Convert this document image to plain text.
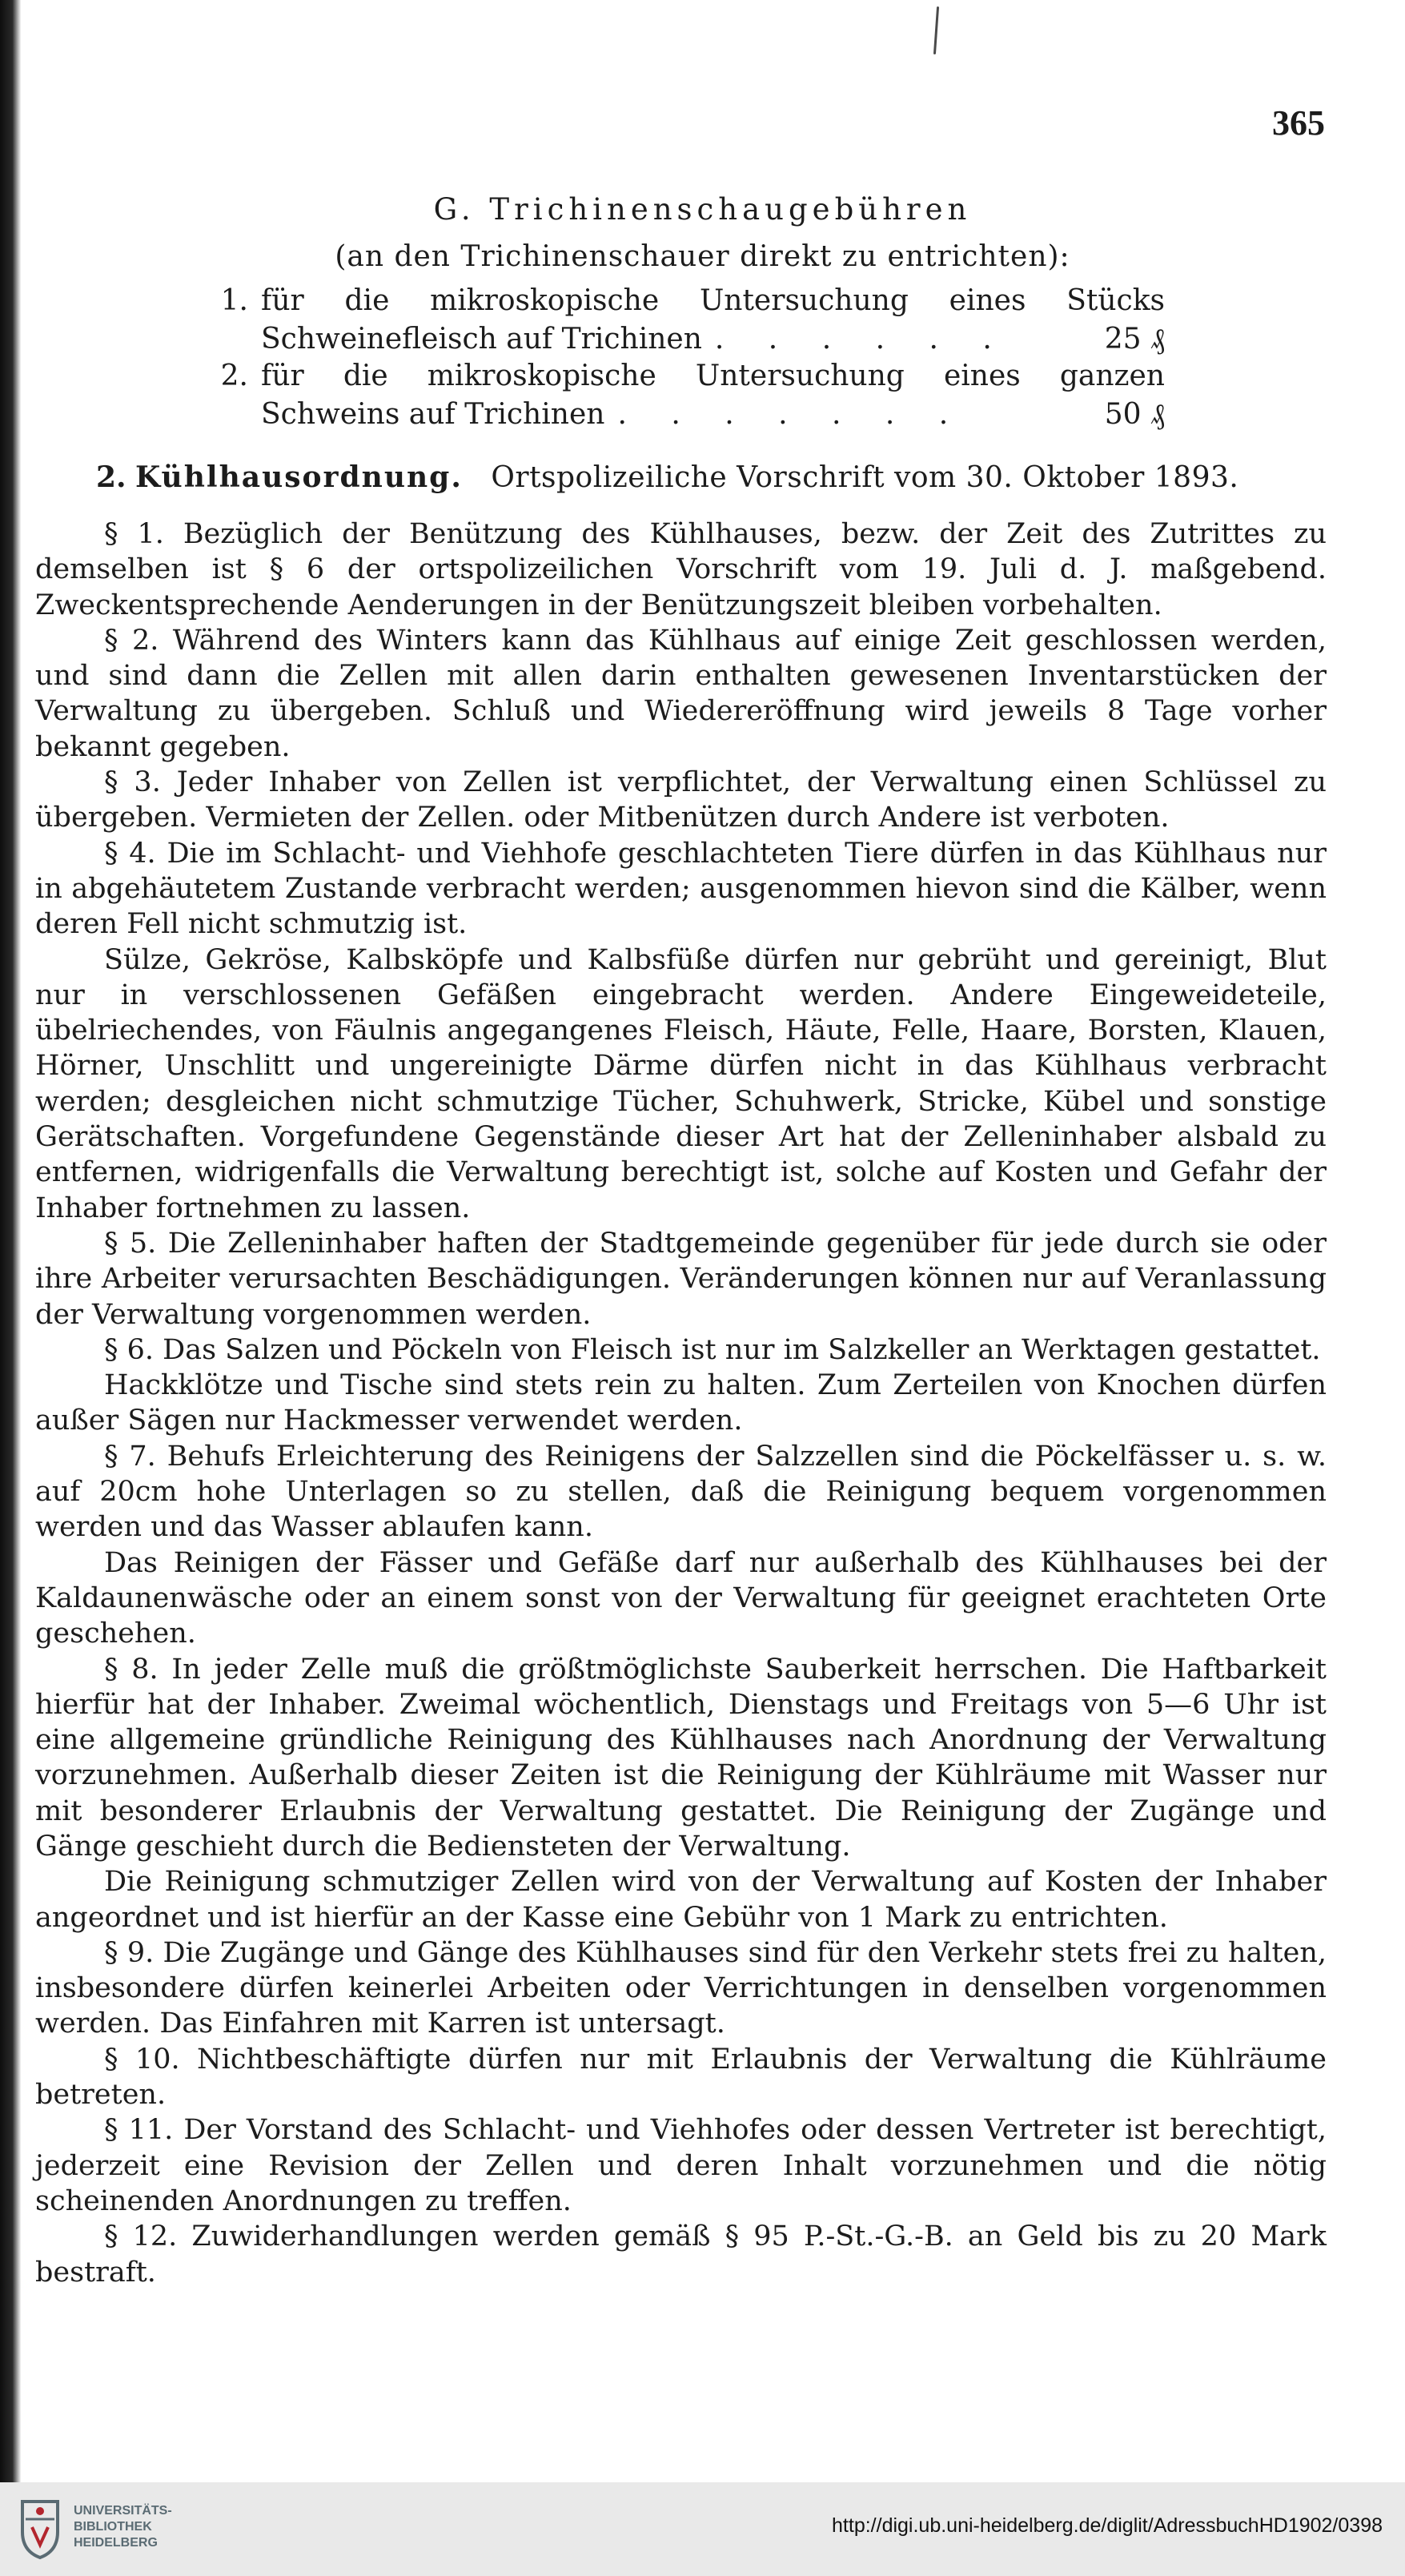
365
G. Trichinenschaugebühren
(an den Trichinenschauer direkt zu entrichten):
1. für die mikroskopische Untersuchung eines Stücks
Schweinefleisch auf Trichinen . . . . . .	25 ₰
2. für die mikroskopische Untersuchung eines ganzen
Schweins auf Trichinen . . . . . . .	50 ₰
2. Kühlhausordnung. Ortspolizeiliche Vorschrift vom 30. Oktober 1893.

§ 1. Bezüglich der Benützung des Kühlhauses, bezw. der Zeit des Zutrittes zu demselben ist § 6 der ortspolizeilichen Vorschrift vom 19. Juli d. J. maßgebend. Zweckentsprechende Aenderungen in der Benützungszeit bleiben vorbehalten.

§ 2. Während des Winters kann das Kühlhaus auf einige Zeit geschlossen werden, und sind dann die Zellen mit allen darin enthalten gewesenen Inventarstücken der Verwaltung zu übergeben. Schluß und Wiedereröffnung wird jeweils 8 Tage vorher bekannt gegeben.

§ 3. Jeder Inhaber von Zellen ist verpflichtet, der Verwaltung einen Schlüssel zu übergeben. Vermieten der Zellen. oder Mitbenützen durch Andere ist verboten.

§ 4. Die im Schlacht- und Viehhofe geschlachteten Tiere dürfen in das Kühlhaus nur in abgehäutetem Zustande verbracht werden; ausgenommen hievon sind die Kälber, wenn deren Fell nicht schmutzig ist.

Sülze, Gekröse, Kalbsköpfe und Kalbsfüße dürfen nur gebrüht und gereinigt, Blut nur in verschlossenen Gefäßen eingebracht werden. Andere Eingeweideteile, übelriechendes, von Fäulnis angegangenes Fleisch, Häute, Felle, Haare, Borsten, Klauen, Hörner, Unschlitt und ungereinigte Därme dürfen nicht in das Kühlhaus verbracht werden; desgleichen nicht schmutzige Tücher, Schuhwerk, Stricke, Kübel und sonstige Gerätschaften. Vorgefundene Gegenstände dieser Art hat der Zelleninhaber alsbald zu entfernen, widrigenfalls die Verwaltung berechtigt ist, solche auf Kosten und Gefahr der Inhaber fortnehmen zu lassen.

§ 5. Die Zelleninhaber haften der Stadtgemeinde gegenüber für jede durch sie oder ihre Arbeiter verursachten Beschädigungen. Veränderungen können nur auf Veranlassung der Verwaltung vorgenommen werden.

§ 6. Das Salzen und Pöckeln von Fleisch ist nur im Salzkeller an Werktagen gestattet.

Hackklötze und Tische sind stets rein zu halten. Zum Zerteilen von Knochen dürfen außer Sägen nur Hackmesser verwendet werden.

§ 7. Behufs Erleichterung des Reinigens der Salzzellen sind die Pöckelfässer u. s. w. auf 20cm hohe Unterlagen so zu stellen, daß die Reinigung bequem vorgenommen werden und das Wasser ablaufen kann.

Das Reinigen der Fässer und Gefäße darf nur außerhalb des Kühlhauses bei der Kaldaunenwäsche oder an einem sonst von der Verwaltung für geeignet erachteten Orte geschehen.

§ 8. In jeder Zelle muß die größtmöglichste Sauberkeit herrschen. Die Haftbarkeit hierfür hat der Inhaber. Zweimal wöchentlich, Dienstags und Freitags von 5—6 Uhr ist eine allgemeine gründliche Reinigung des Kühlhauses nach Anordnung der Verwaltung vorzunehmen. Außerhalb dieser Zeiten ist die Reinigung der Kühlräume mit Wasser nur mit besonderer Erlaubnis der Verwaltung gestattet. Die Reinigung der Zugänge und Gänge geschieht durch die Bediensteten der Verwaltung.

Die Reinigung schmutziger Zellen wird von der Verwaltung auf Kosten der Inhaber angeordnet und ist hierfür an der Kasse eine Gebühr von 1 Mark zu entrichten.

§ 9. Die Zugänge und Gänge des Kühlhauses sind für den Verkehr stets frei zu halten, insbesondere dürfen keinerlei Arbeiten oder Verrichtungen in denselben vorgenommen werden. Das Einfahren mit Karren ist untersagt.

§ 10. Nichtbeschäftigte dürfen nur mit Erlaubnis der Verwaltung die Kühlräume betreten.

§ 11. Der Vorstand des Schlacht- und Viehhofes oder dessen Vertreter ist berechtigt, jederzeit eine Revision der Zellen und deren Inhalt vorzunehmen und die nötig scheinenden Anordnungen zu treffen.

§ 12. Zuwiderhandlungen werden gemäß § 95 P.-St.-G.-B. an Geld bis zu 20 Mark bestraft.

UNIVERSITÄTS-
BIBLIOTHEK
HEIDELBERG
http://digi.ub.uni-heidelberg.de/diglit/AdressbuchHD1902/0398
